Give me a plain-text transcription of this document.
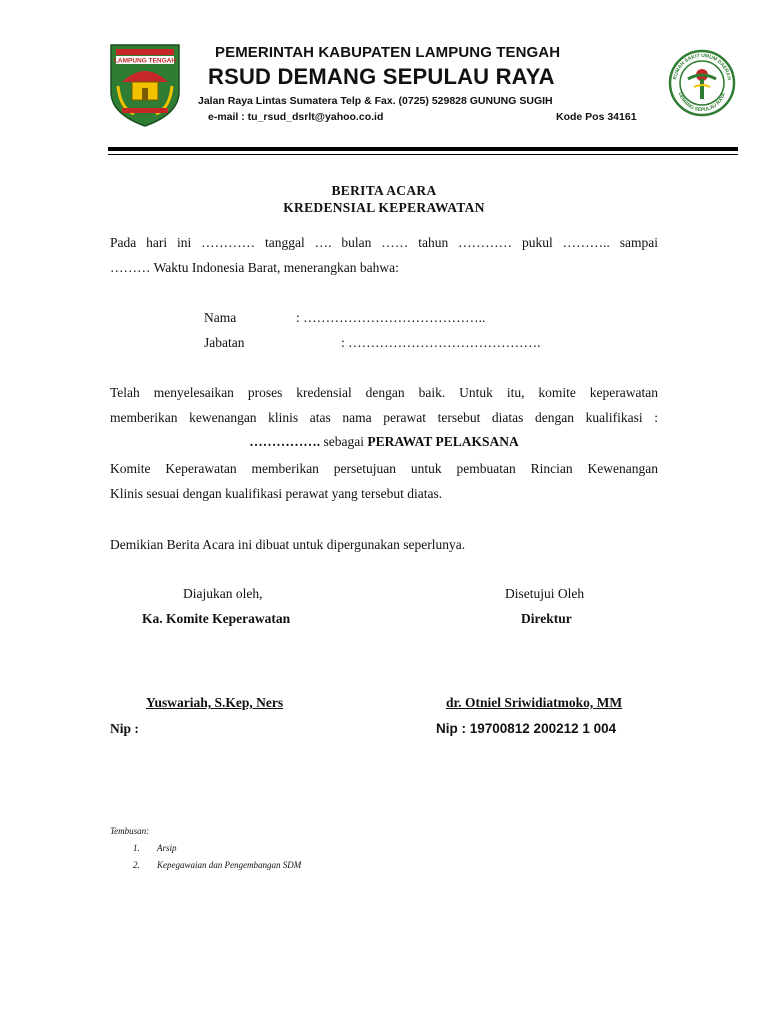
LAMPUNG TENGAH
RUMAH SAKIT UMUM DAERAH
DEMANG SEPULAU RAYA
PEMERINTAH KABUPATEN LAMPUNG TENGAH
RSUD DEMANG SEPULAU RAYA
Jalan Raya Lintas Sumatera Telp & Fax. (0725) 529828 GUNUNG SUGIH
e-mail : tu_rsud_dsrlt@yahoo.co.id	Kode Pos 34161
BERITA ACARA
KREDENSIAL KEPERAWATAN
Pada hari ini ………… tanggal …. bulan …… tahun ………… pukul ……….. sampai
……… Waktu Indonesia Barat, menerangkan bahwa:
Nama	: …………………………………..
Jabatan	: …………………………………….
Telah menyelesaikan proses kredensial dengan baik. Untuk itu, komite keperawatan
memberikan kewenangan klinis atas nama perawat tersebut diatas dengan kualifikasi :
……………. sebagai PERAWAT PELAKSANA
Komite Keperawatan memberikan persetujuan untuk pembuatan Rincian Kewenangan
Klinis sesuai dengan kualifikasi perawat yang tersebut diatas.
Demikian Berita Acara ini dibuat untuk dipergunakan seperlunya.
Diajukan oleh,
Ka. Komite Keperawatan
Yuswariah, S.Kep, Ners
Nip :
Disetujui Oleh
Direktur
dr. Otniel Sriwidiatmoko, MM
Nip : 19700812 200212 1 004
Tembusan:
1. Arsip
2. Kepegawaian dan Pengembangan SDM
